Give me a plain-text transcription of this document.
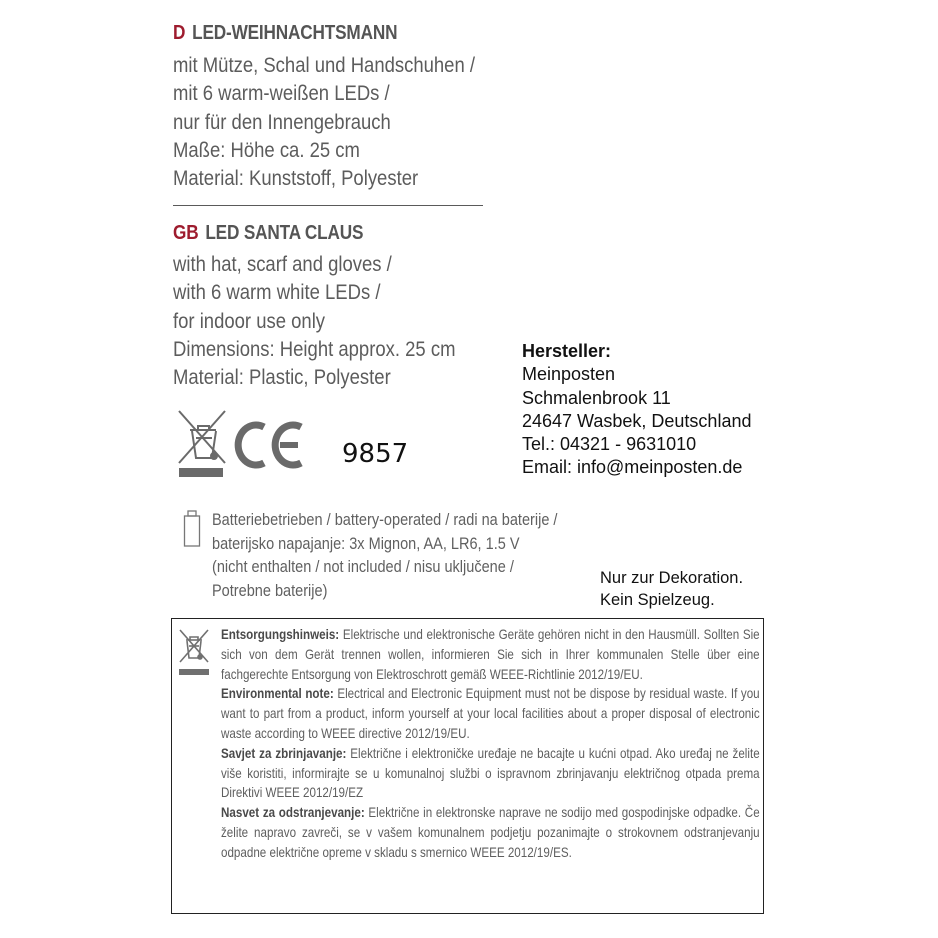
D LED-WEIHNACHTSMANN
mit Mütze, Schal und Handschuhen /
mit 6 warm-weißen LEDs /
nur für den Innengebrauch
Maße: Höhe ca. 25 cm
Material: Kunststoff, Polyester
GB LED SANTA CLAUS
with hat, scarf and gloves /
with 6 warm white LEDs /
for indoor use only
Dimensions: Height approx. 25 cm
Material: Plastic, Polyester
Hersteller:
Meinposten
Schmalenbrook 11
24647 Wasbek, Deutschland
Tel.: 04321 - 9631010
Email: info@meinposten.de
9857
Batteriebetrieben / battery-operated / radi na baterije /
baterijsko napajanje: 3x Mignon, AA, LR6, 1.5 V
(nicht enthalten / not included / nisu uključene /
Potrebne baterije)
Nur zur Dekoration.
Kein Spielzeug.

Entsorgungshinweis: Elektrische und elektronische Geräte gehören nicht in den Hausmüll. Sollten Sie sich von dem Gerät trennen wollen, informieren Sie sich in Ihrer kommunalen Stelle über eine fachgerechte Entsorgung von Elektroschrott gemäß WEEE-Richtlinie 2012/19/EU.

Environmental note: Electrical and Electronic Equipment must not be dispose by residual waste. If you want to part from a product, inform yourself at your local facilities about a proper disposal of electronic waste according to WEEE directive 2012/19/EU.

Savjet za zbrinjavanje: Električne i elektroničke uređaje ne bacajte u kućni otpad. Ako uređaj ne želite više koristiti, informirajte se u komunalnoj službi o ispravnom zbrinjavanju električnog otpada prema Direktivi WEEE 2012/19/EZ

Nasvet za odstranjevanje: Električne in elektronske naprave ne sodijo med gospodinjske odpadke. Če želite napravo zavreči, se v vašem komunalnem podjetju pozanimajte o strokovnem odstranjevanju odpadne električne opreme v skladu s smernico WEEE 2012/19/ES.
